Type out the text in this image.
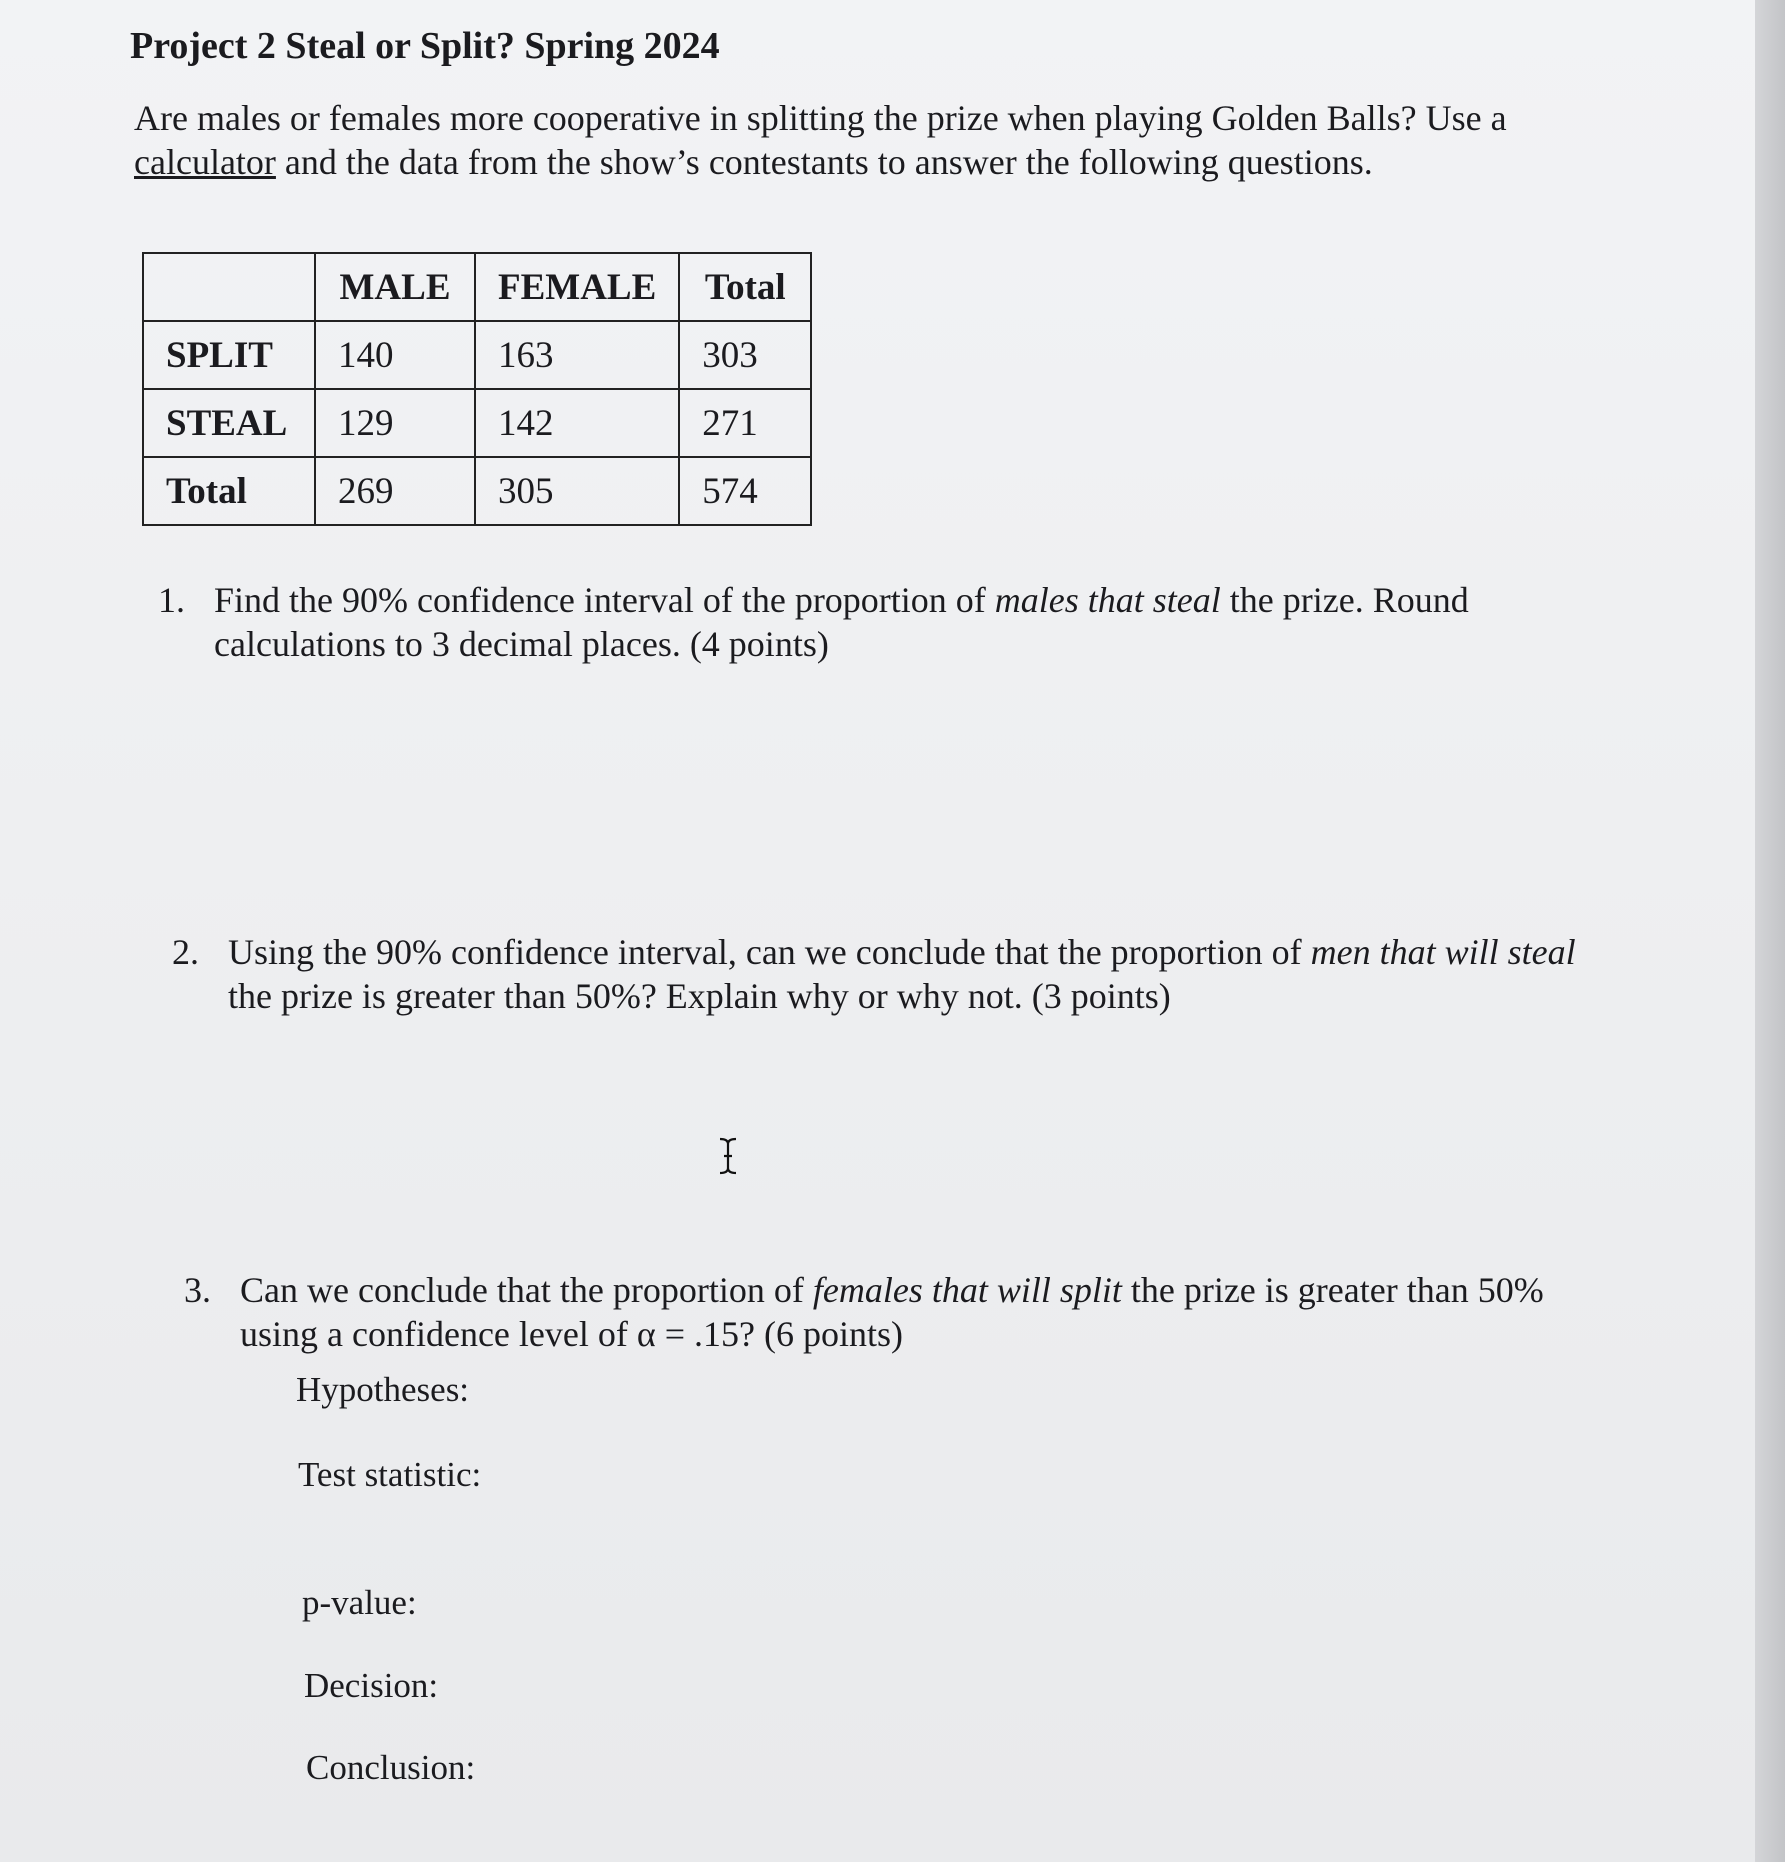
Project 2 Steal or Split? Spring 2024

Are males or females more cooperative in splitting the prize when playing Golden Balls? Use a
calculator and the data from the show’s contestants to answer the following questions.

	MALE	FEMALE	Total
SPLIT	140	163	303
STEAL	129	142	271
Total	269	305	574
1. Find the 90% confidence interval of the proportion of males that steal the prize. Round
calculations to 3 decimal places. (4 points)
2. Using the 90% confidence interval, can we conclude that the proportion of men that will steal
the prize is greater than 50%? Explain why or why not. (3 points)
3. Can we conclude that the proportion of females that will split the prize is greater than 50%
using a confidence level of α = .15? (6 points)

Hypotheses:

Test statistic:

p-value:

Decision:

Conclusion:
